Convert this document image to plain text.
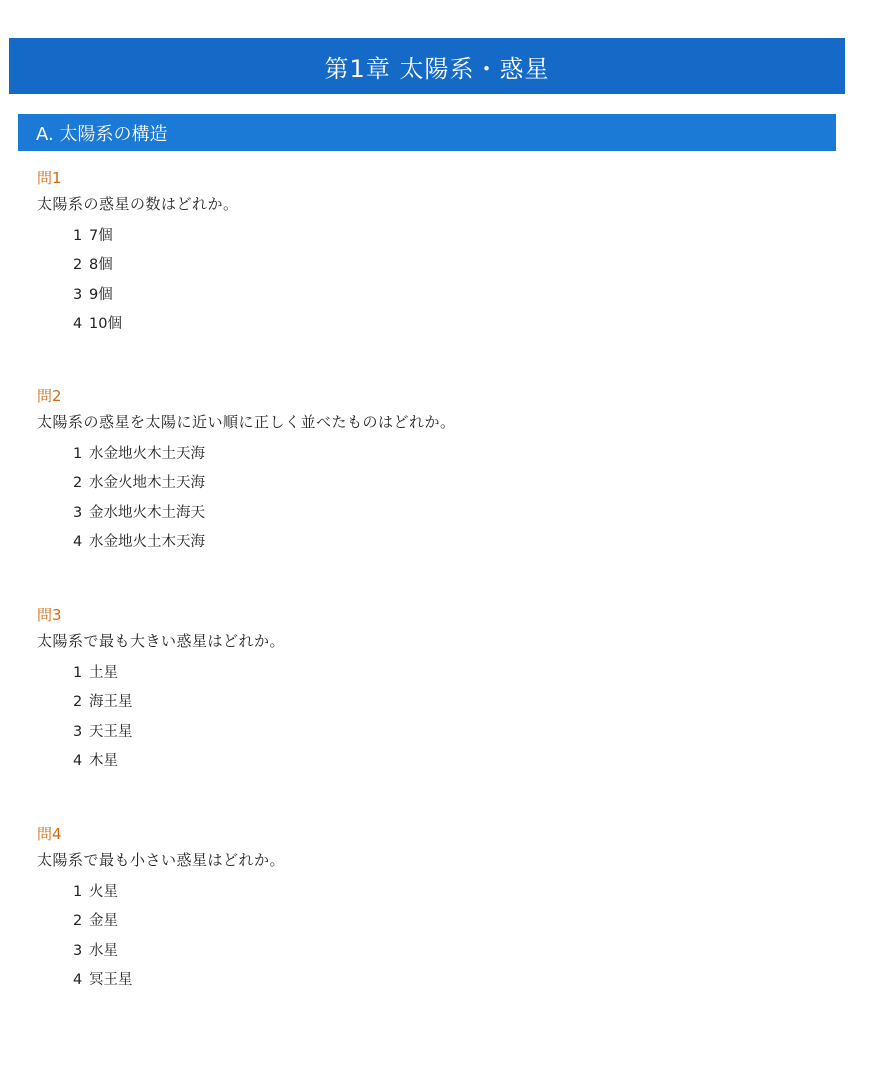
第1章 太陽系・惑星
A. 太陽系の構造
問1
太陽系の惑星の数はどれか。
1 7個
2 8個
3 9個
4 10個
問2
太陽系の惑星を太陽に近い順に正しく並べたものはどれか。
1 水金地火木土天海
2 水金火地木土天海
3 金水地火木土海天
4 水金地火土木天海
問3
太陽系で最も大きい惑星はどれか。
1 土星
2 海王星
3 天王星
4 木星
問4
太陽系で最も小さい惑星はどれか。
1 火星
2 金星
3 水星
4 冥王星
